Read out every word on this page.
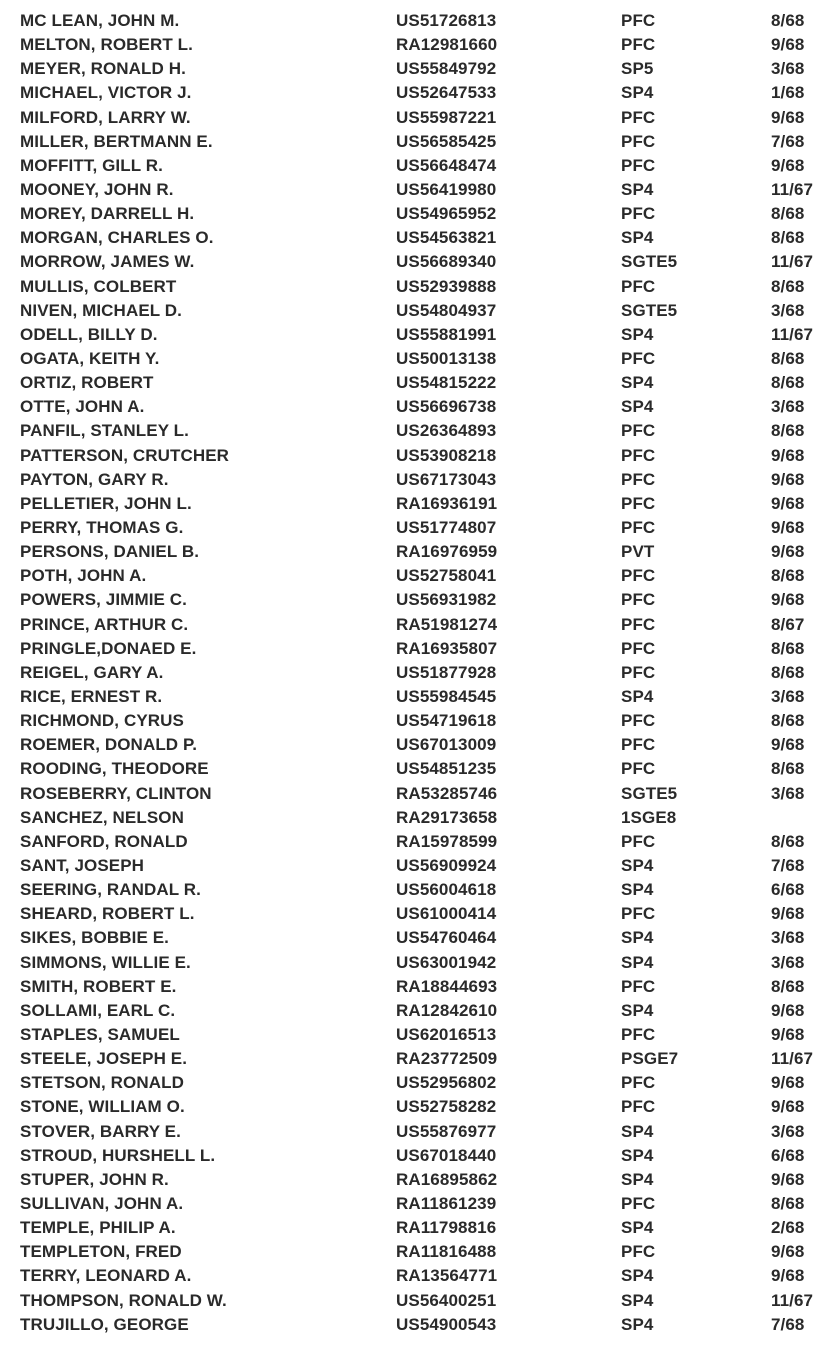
MC LEAN, JOHN M.	US51726813	PFC	8/68
MELTON, ROBERT L.	RA12981660	PFC	9/68
MEYER, RONALD H.	US55849792	SP5	3/68
MICHAEL, VICTOR J.	US52647533	SP4	1/68
MILFORD, LARRY W.	US55987221	PFC	9/68
MILLER, BERTMANN E.	US56585425	PFC	7/68
MOFFITT, GILL R.	US56648474	PFC	9/68
MOONEY, JOHN R.	US56419980	SP4	11/67
MOREY, DARRELL H.	US54965952	PFC	8/68
MORGAN, CHARLES O.	US54563821	SP4	8/68
MORROW, JAMES W.	US56689340	SGTE5	11/67
MULLIS, COLBERT	US52939888	PFC	8/68
NIVEN, MICHAEL D.	US54804937	SGTE5	3/68
ODELL, BILLY D.	US55881991	SP4	11/67
OGATA, KEITH Y.	US50013138	PFC	8/68
ORTIZ, ROBERT	US54815222	SP4	8/68
OTTE, JOHN A.	US56696738	SP4	3/68
PANFIL, STANLEY L.	US26364893	PFC	8/68
PATTERSON, CRUTCHER	US53908218	PFC	9/68
PAYTON, GARY R.	US67173043	PFC	9/68
PELLETIER, JOHN L.	RA16936191	PFC	9/68
PERRY, THOMAS G.	US51774807	PFC	9/68
PERSONS, DANIEL B.	RA16976959	PVT	9/68
POTH, JOHN A.	US52758041	PFC	8/68
POWERS, JIMMIE C.	US56931982	PFC	9/68
PRINCE, ARTHUR C.	RA51981274	PFC	8/67
PRINGLE,DONAED E.	RA16935807	PFC	8/68
REIGEL, GARY A.	US51877928	PFC	8/68
RICE, ERNEST R.	US55984545	SP4	3/68
RICHMOND, CYRUS	US54719618	PFC	8/68
ROEMER, DONALD P.	US67013009	PFC	9/68
ROODING, THEODORE	US54851235	PFC	8/68
ROSEBERRY, CLINTON	RA53285746	SGTE5	3/68
SANCHEZ, NELSON	RA29173658	1SGE8
SANFORD, RONALD	RA15978599	PFC	8/68
SANT, JOSEPH	US56909924	SP4	7/68
SEERING, RANDAL R.	US56004618	SP4	6/68
SHEARD, ROBERT L.	US61000414	PFC	9/68
SIKES, BOBBIE E.	US54760464	SP4	3/68
SIMMONS, WILLIE E.	US63001942	SP4	3/68
SMITH, ROBERT E.	RA18844693	PFC	8/68
SOLLAMI, EARL C.	RA12842610	SP4	9/68
STAPLES, SAMUEL	US62016513	PFC	9/68
STEELE, JOSEPH E.	RA23772509	PSGE7	11/67
STETSON, RONALD	US52956802	PFC	9/68
STONE, WILLIAM O.	US52758282	PFC	9/68
STOVER, BARRY E.	US55876977	SP4	3/68
STROUD, HURSHELL L.	US67018440	SP4	6/68
STUPER, JOHN R.	RA16895862	SP4	9/68
SULLIVAN, JOHN A.	RA11861239	PFC	8/68
TEMPLE, PHILIP A.	RA11798816	SP4	2/68
TEMPLETON, FRED	RA11816488	PFC	9/68
TERRY, LEONARD A.	RA13564771	SP4	9/68
THOMPSON, RONALD W.	US56400251	SP4	11/67
TRUJILLO, GEORGE	US54900543	SP4	7/68
